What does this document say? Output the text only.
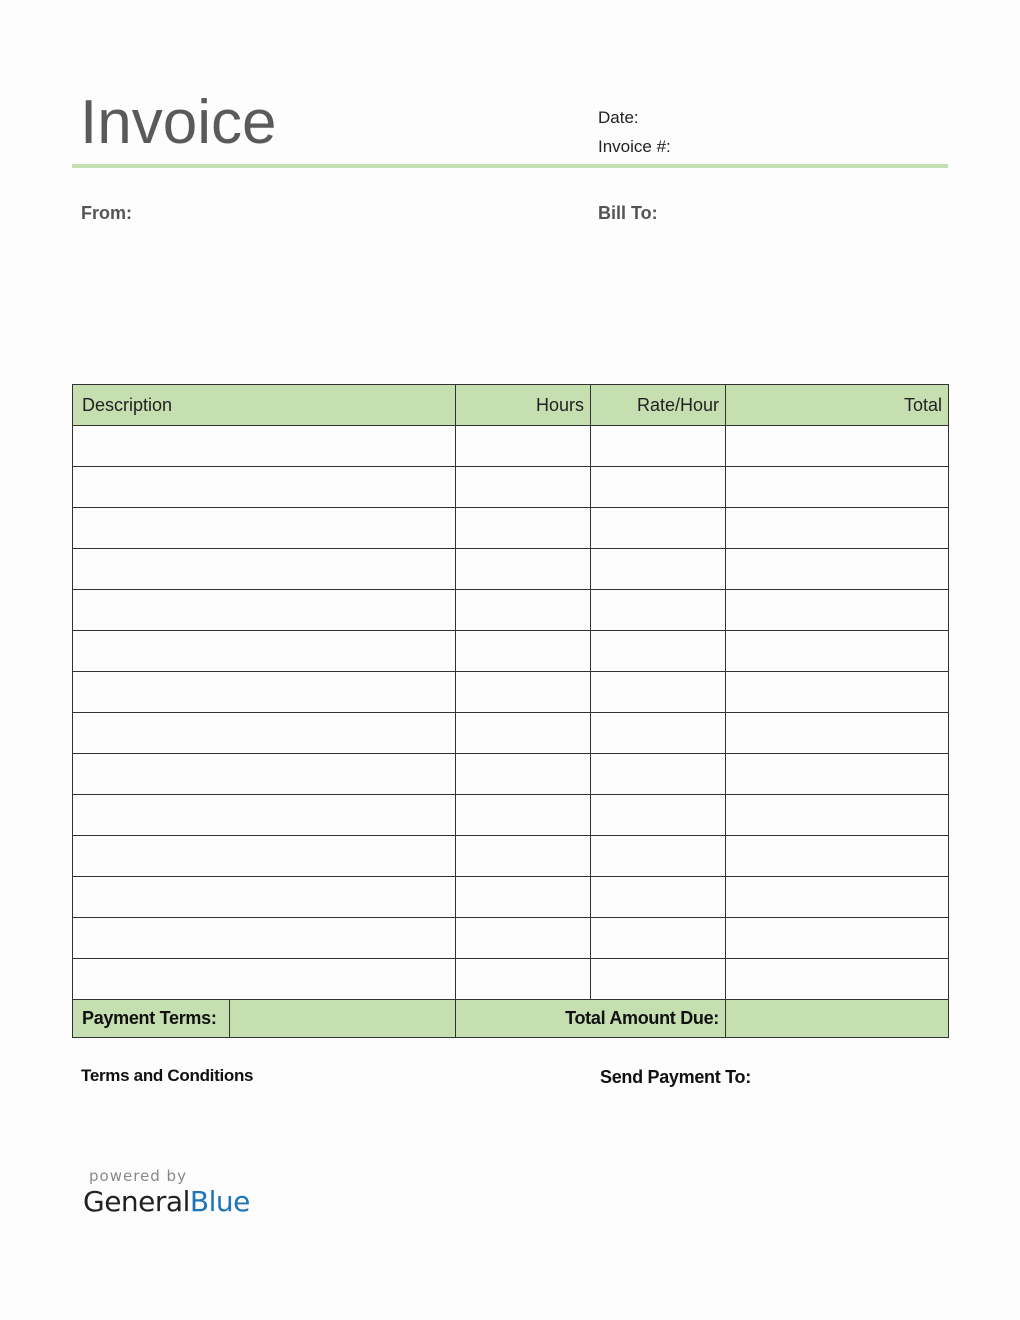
Invoice	Date:
Invoice #:
From:	Bill To:
Description		Hours	Rate/Hour	Total

Payment Terms:		Total Amount Due:		
Terms and Conditions	Send Payment To:
powered by
GeneralBlue
